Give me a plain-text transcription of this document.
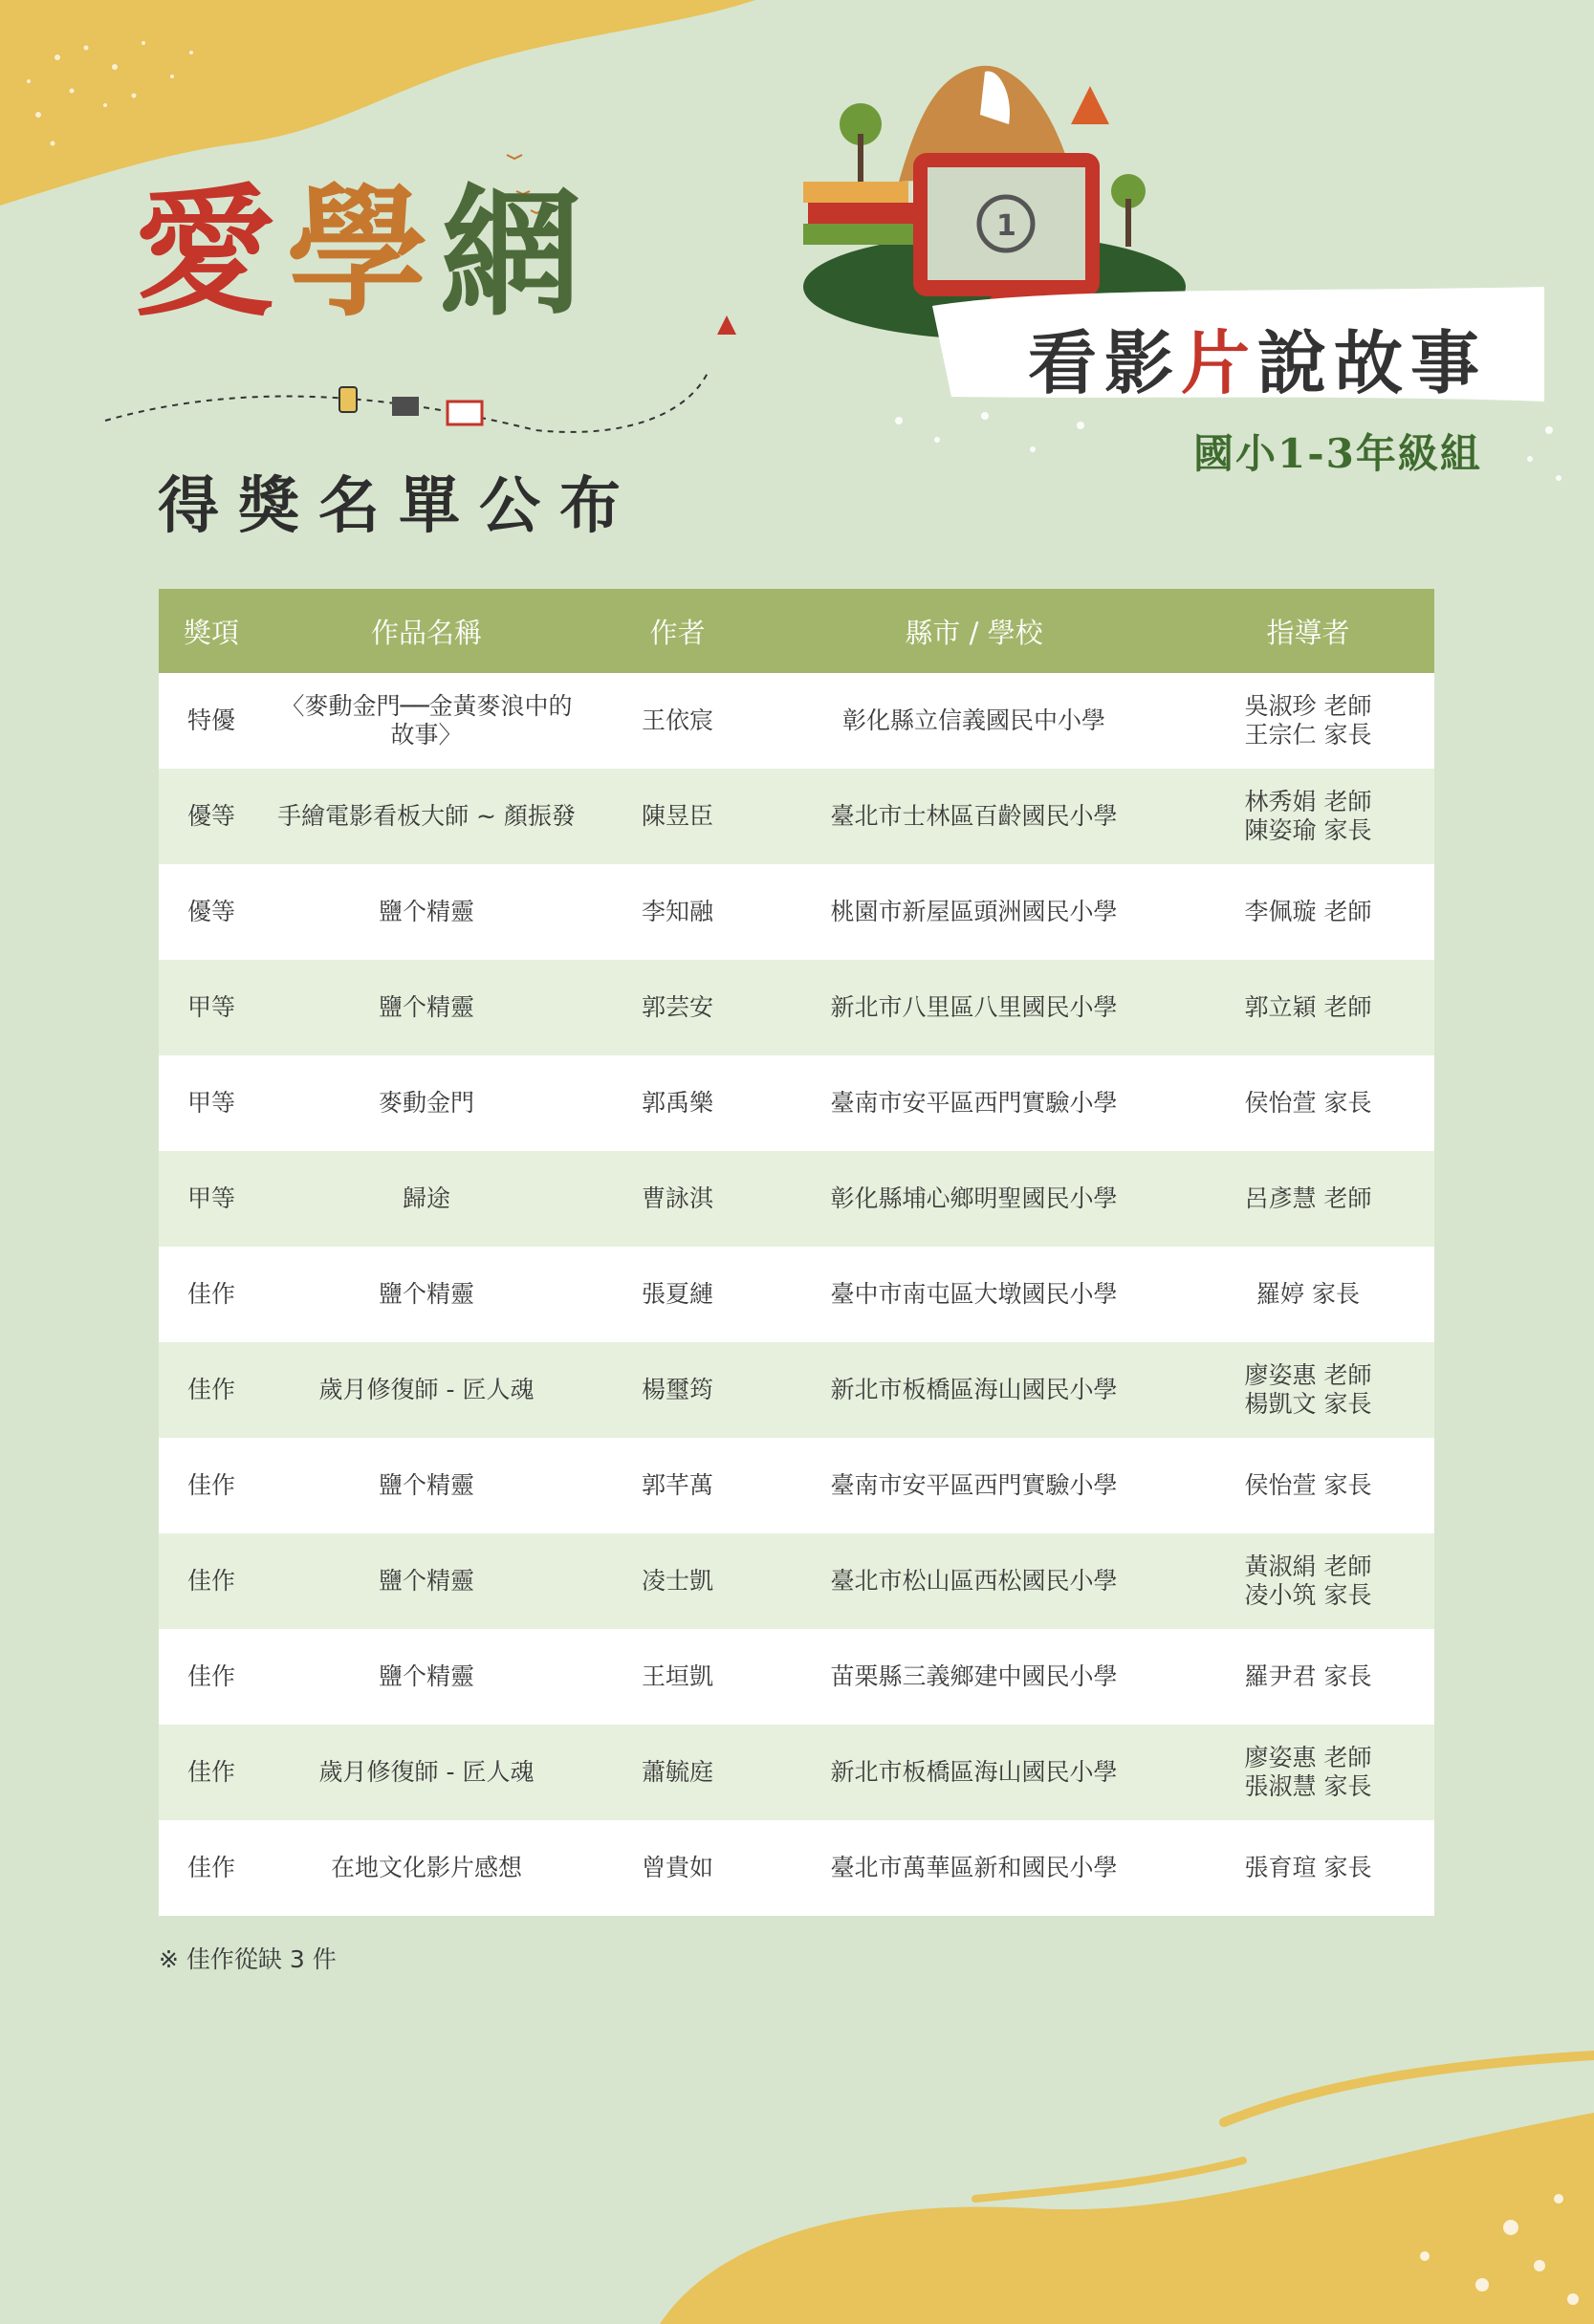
愛學網
得獎名單公布
1
看影片說故事
國小1-3年級組
獎項	作品名稱	作者	縣市 / 學校	指導者
特優	〈麥動金門──金黃麥浪中的故事〉	王依宸	彰化縣立信義國民中小學	吳淑珍 老師
王宗仁 家長

優等	手繪電影看板大師 ~ 顏振發	陳昱臣	臺北市士林區百齡國民小學	林秀娟 老師
陳姿瑜 家長

優等	鹽个精靈	李知融	桃園市新屋區頭洲國民小學	李佩璇 老師

甲等	鹽个精靈	郭芸安	新北市八里區八里國民小學	郭立穎 老師

甲等	麥動金門	郭禹樂	臺南市安平區西門實驗小學	侯怡萱 家長

甲等	歸途	曹詠淇	彰化縣埔心鄉明聖國民小學	呂彥慧 老師

佳作	鹽个精靈	張夏縺	臺中市南屯區大墩國民小學	羅婷 家長

佳作	歲月修復師 - 匠人魂	楊璽筠	新北市板橋區海山國民小學	廖姿惠 老師
楊凱文 家長

佳作	鹽个精靈	郭芊萬	臺南市安平區西門實驗小學	侯怡萱 家長

佳作	鹽个精靈	凌士凱	臺北市松山區西松國民小學	黃淑絹 老師
凌小筑 家長

佳作	鹽个精靈	王垣凱	苗栗縣三義鄉建中國民小學	羅尹君 家長

佳作	歲月修復師 - 匠人魂	蕭毓庭	新北市板橋區海山國民小學	廖姿惠 老師
張淑慧 家長

佳作	在地文化影片感想	曾貴如	臺北市萬華區新和國民小學	張育瑄 家長
※ 佳作從缺 3 件
